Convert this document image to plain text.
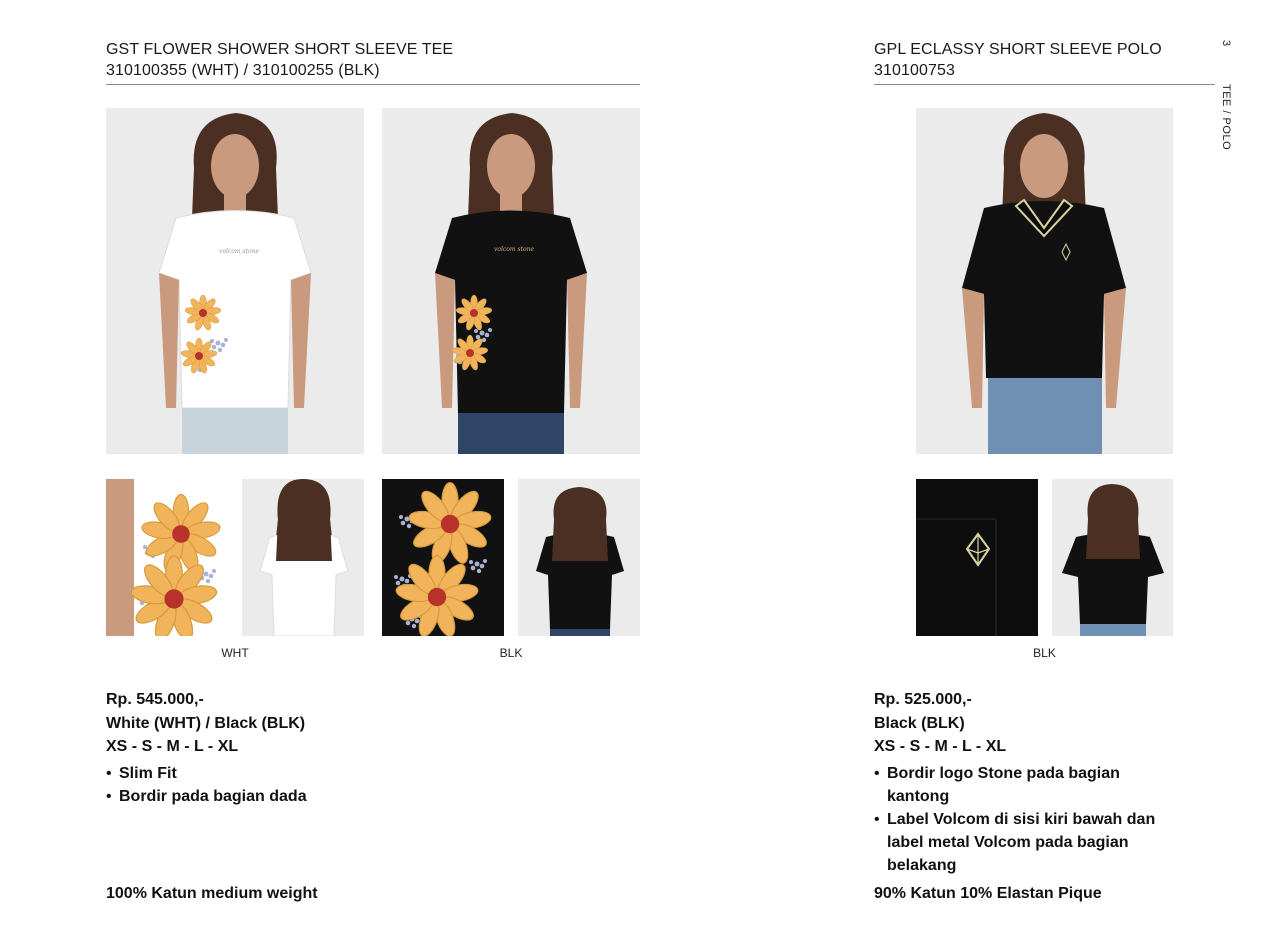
GST FLOWER SHOWER SHORT SLEEVE TEE
310100355 (WHT) / 310100255 (BLK)
GPL ECLASSY SHORT SLEEVE POLO
310100753
3
TEE / POLO
volcom stone	volcom stone
WHT	BLK	BLK
Rp. 545.000,-
White (WHT) / Black (BLK)
XS - S - M - L - XL
• Slim Fit
• Bordir pada bagian dada
Rp. 525.000,-
Black (BLK)
XS - S - M - L - XL
• Bordir logo Stone pada bagian kantong
• Label Volcom di sisi kiri bawah dan label metal Volcom pada bagian belakang
100% Katun medium weight	90% Katun 10% Elastan Pique
